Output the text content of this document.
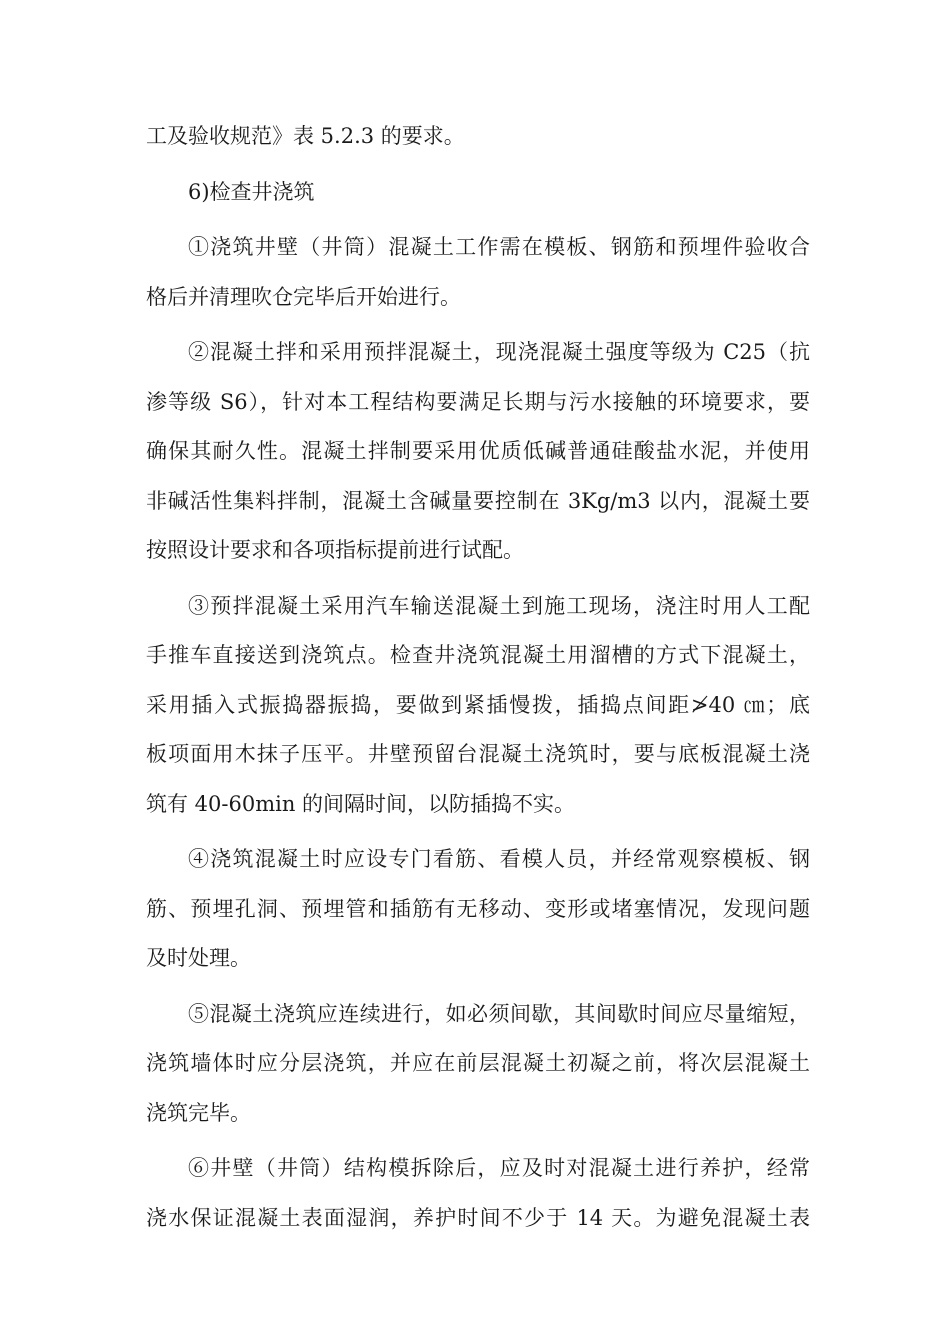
工及验收规范》表 5.2.3 的要求。

6)检查井浇筑

①浇筑井壁（井筒）混凝土工作需在模板、钢筋和预埋件验收合
格后并清理吹仓完毕后开始进行。

②混凝土拌和采用预拌混凝土，现浇混凝土强度等级为 C25（抗
渗等级 S6），针对本工程结构要满足长期与污水接触的环境要求，要
确保其耐久性。混凝土拌制要采用优质低碱普通硅酸盐水泥，并使用
非碱活性集料拌制，混凝土含碱量要控制在 3Kg/m3 以内，混凝土要
按照设计要求和各项指标提前进行试配。

③预拌混凝土采用汽车输送混凝土到施工现场，浇注时用人工配
手推车直接送到浇筑点。检查井浇筑混凝土用溜槽的方式下混凝土，
采用插入式振捣器振捣，要做到紧插慢拨，插捣点间距≯40 ㎝；底
板项面用木抹子压平。井壁预留台混凝土浇筑时，要与底板混凝土浇
筑有 40-60min 的间隔时间，以防插捣不实。

④浇筑混凝土时应设专门看筋、看模人员，并经常观察模板、钢
筋、预埋孔洞、预埋管和插筋有无移动、变形或堵塞情况，发现问题
及时处理。

⑤混凝土浇筑应连续进行，如必须间歇，其间歇时间应尽量缩短，
浇筑墙体时应分层浇筑，并应在前层混凝土初凝之前，将次层混凝土
浇筑完毕。

⑥井壁（井筒）结构模拆除后，应及时对混凝土进行养护，经常
浇水保证混凝土表面湿润，养护时间不少于 14 天。为避免混凝土表
